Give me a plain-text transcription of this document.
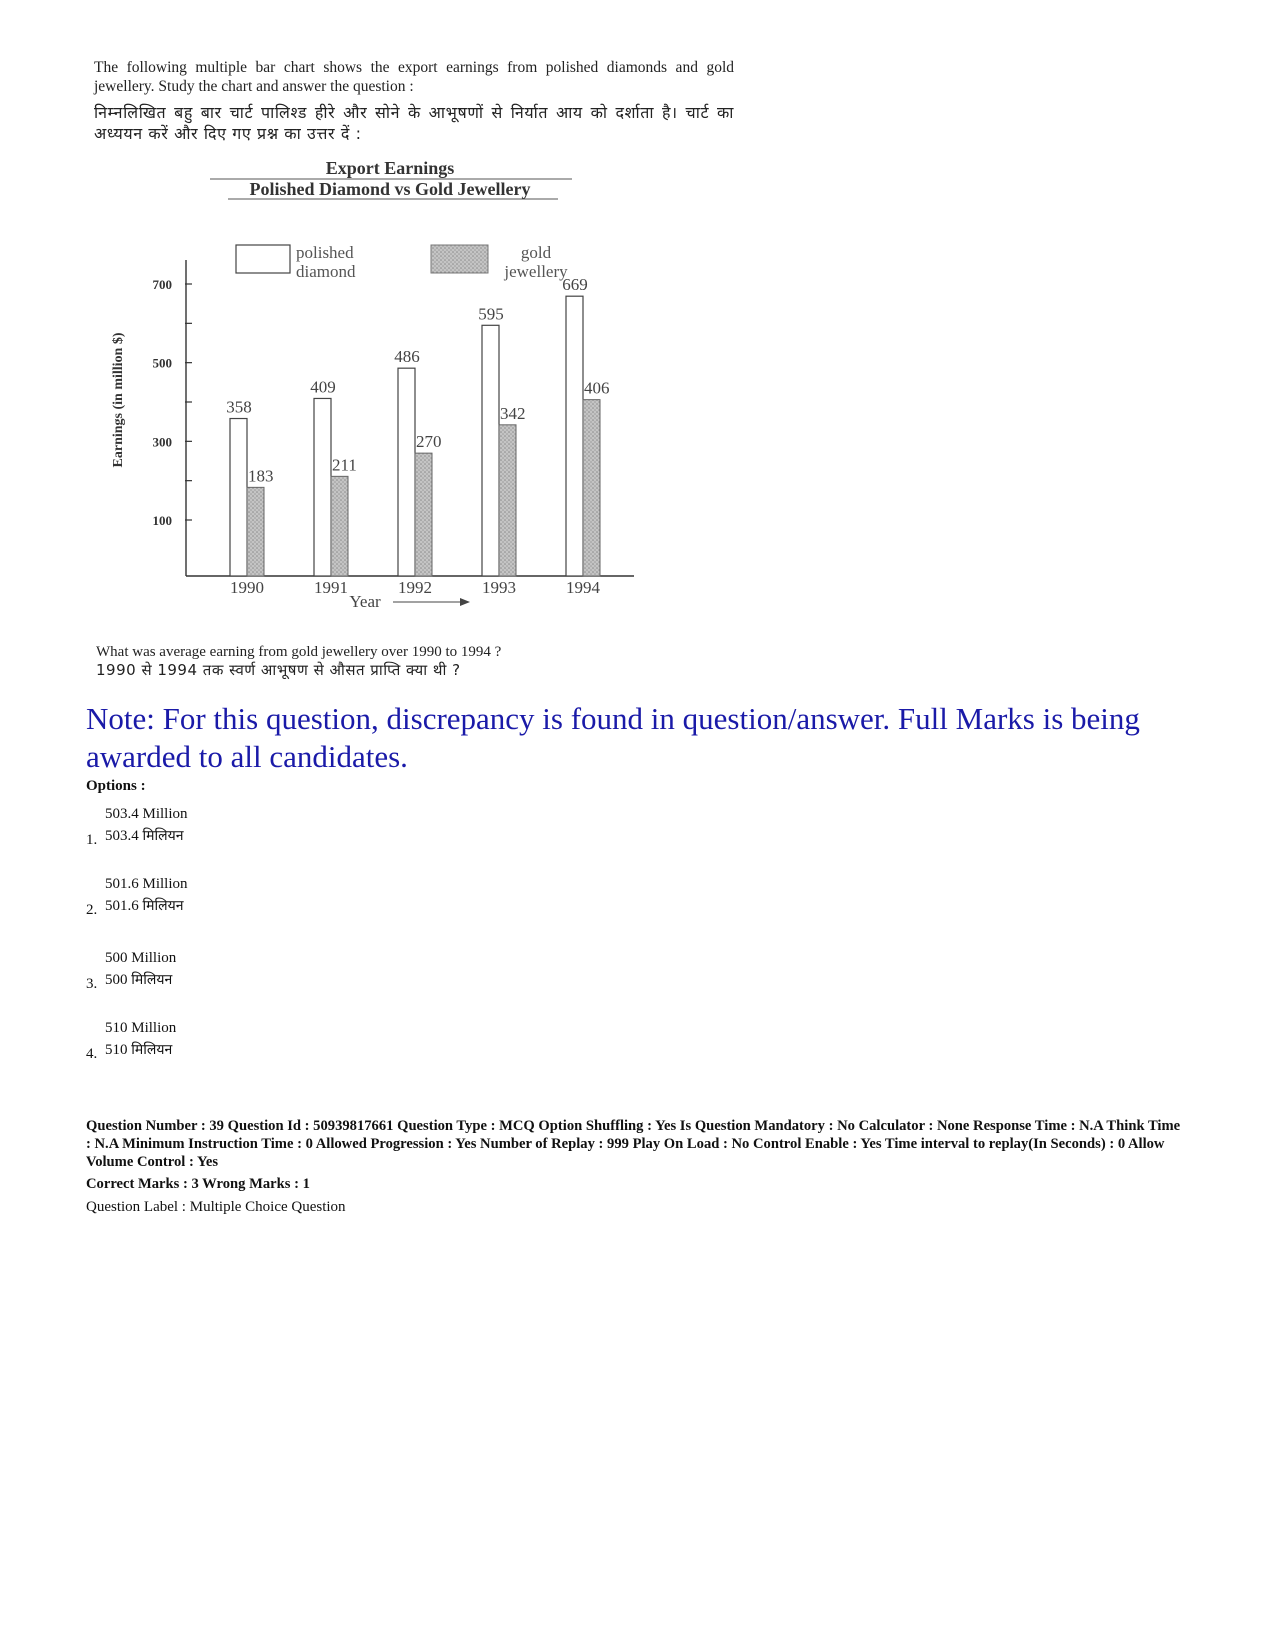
The following multiple bar chart shows the export earnings from polished diamonds and gold jewellery. Study the chart and answer the question :
निम्नलिखित बहु बार चार्ट पालिश्ड हीरे और सोने के आभूषणों से निर्यात आय को दर्शाता है। चार्ट का अध्ययन करें और दिए गए प्रश्न का उत्तर दें :
Export Earnings
Polished Diamond vs Gold Jewellery
polished
diamond
gold
jewellery
100
300
500
700
358
183
1990
409
211
1991
486
270
1992
595
342
1993
669
406
1994
Earnings (in million $)
Year
What was average earning from gold jewellery over 1990 to 1994 ?
1990 से 1994 तक स्वर्ण आभूषण से औसत प्राप्ति क्या थी ?
Note: For this question, discrepancy is found in question/answer. Full Marks is being awarded to all candidates.
Options :
1.
503.4 Million
503.4 मिलियन
2.
501.6 Million
501.6 मिलियन
3.
500 Million
500 मिलियन
4.
510 Million
510 मिलियन
Question Number : 39 Question Id : 50939817661 Question Type : MCQ Option Shuffling : Yes Is Question Mandatory : No Calculator : None Response Time : N.A Think Time : N.A Minimum Instruction Time : 0 Allowed Progression : Yes Number of Replay : 999 Play On Load : No Control Enable : Yes Time interval to replay(In Seconds) : 0 Allow Volume Control : Yes
Correct Marks : 3 Wrong Marks : 1
Question Label : Multiple Choice Question
